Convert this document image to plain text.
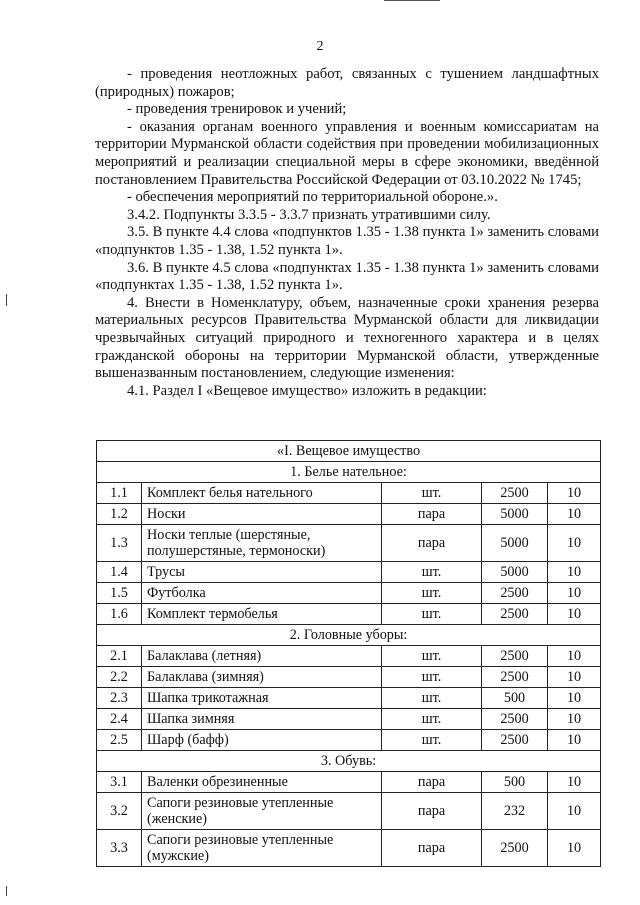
2

- проведения неотложных работ, связанных с тушением ландшафтных (природных) пожаров;

- проведения тренировок и учений;

- оказания органам военного управления и военным комиссариатам на территории Мурманской области содействия при проведении мобилизационных мероприятий и реализации специальной меры в сфере экономики, введённой постановлением Правительства Российской Федерации от 03.10.2022 № 1745;

- обеспечения мероприятий по территориальной обороне.».

3.4.2. Подпункты 3.3.5 - 3.3.7 признать утратившими силу.

3.5. В пункте 4.4 слова «подпунктов 1.35 - 1.38 пункта 1» заменить словами «подпунктов 1.35 - 1.38, 1.52 пункта 1».

3.6. В пункте 4.5 слова «подпунктах 1.35 - 1.38 пункта 1» заменить словами «подпунктах 1.35 - 1.38, 1.52 пункта 1».

4. Внести в Номенклатуру, объем, назначенные сроки хранения резерва материальных ресурсов Правительства Мурманской области для ликвидации чрезвычайных ситуаций природного и техногенного характера и в целях гражданской обороны на территории Мурманской области, утвержденные вышеназванным постановлением, следующие изменения:

4.1. Раздел I «Вещевое имущество» изложить в редакции:

«I. Вещевое имущество				
1. Белье нательное:				
1.1	Комплект белья нательного	шт.	2500	10
1.2	Носки	пара	5000	10
1.3	Носки теплые (шерстяные, полушерстяные, термоноски)	пара	5000	10
1.4	Трусы	шт.	5000	10
1.5	Футболка	шт.	2500	10
1.6	Комплект термобелья	шт.	2500	10
2. Головные уборы:				
2.1	Балаклава (летняя)	шт.	2500	10
2.2	Балаклава (зимняя)	шт.	2500	10
2.3	Шапка трикотажная	шт.	500	10
2.4	Шапка зимняя	шт.	2500	10
2.5	Шарф (бафф)	шт.	2500	10
3. Обувь:				
3.1	Валенки обрезиненные	пара	500	10
3.2	Сапоги резиновые утепленные (женские)	пара	232	10
3.3	Сапоги резиновые утепленные (мужские)	пара	2500	10
